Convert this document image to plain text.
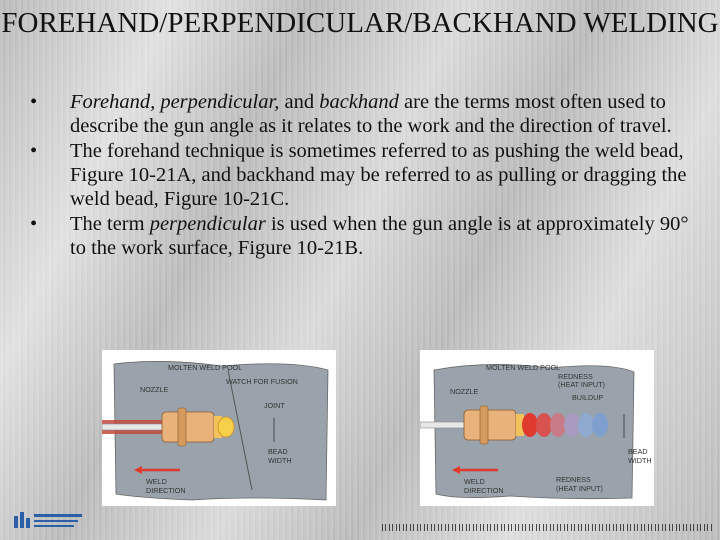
FOREHAND/PERPENDICULAR/BACKHAND WELDING
•	Forehand, perpendicular, and backhand are the terms most often used to describe the gun angle as it relates to the work and the direction of travel.
•	The forehand technique is sometimes referred to as pushing the weld bead, Figure 10-21A, and backhand may be referred to as pulling or dragging the weld bead, Figure 10-21C.
•	The term perpendicular is used when the gun angle is at approximately 90° to the work surface, Figure 10-21B.
MOLTEN WELD POOL
WATCH FOR FUSION
NOZZLE
JOINT
BEAD
WIDTH
WELD
DIRECTION
MOLTEN WELD POOL
REDNESS
(HEAT INPUT)
BUILDUP
NOZZLE
BEAD
WIDTH
WELD
DIRECTION
REDNESS
(HEAT INPUT)
